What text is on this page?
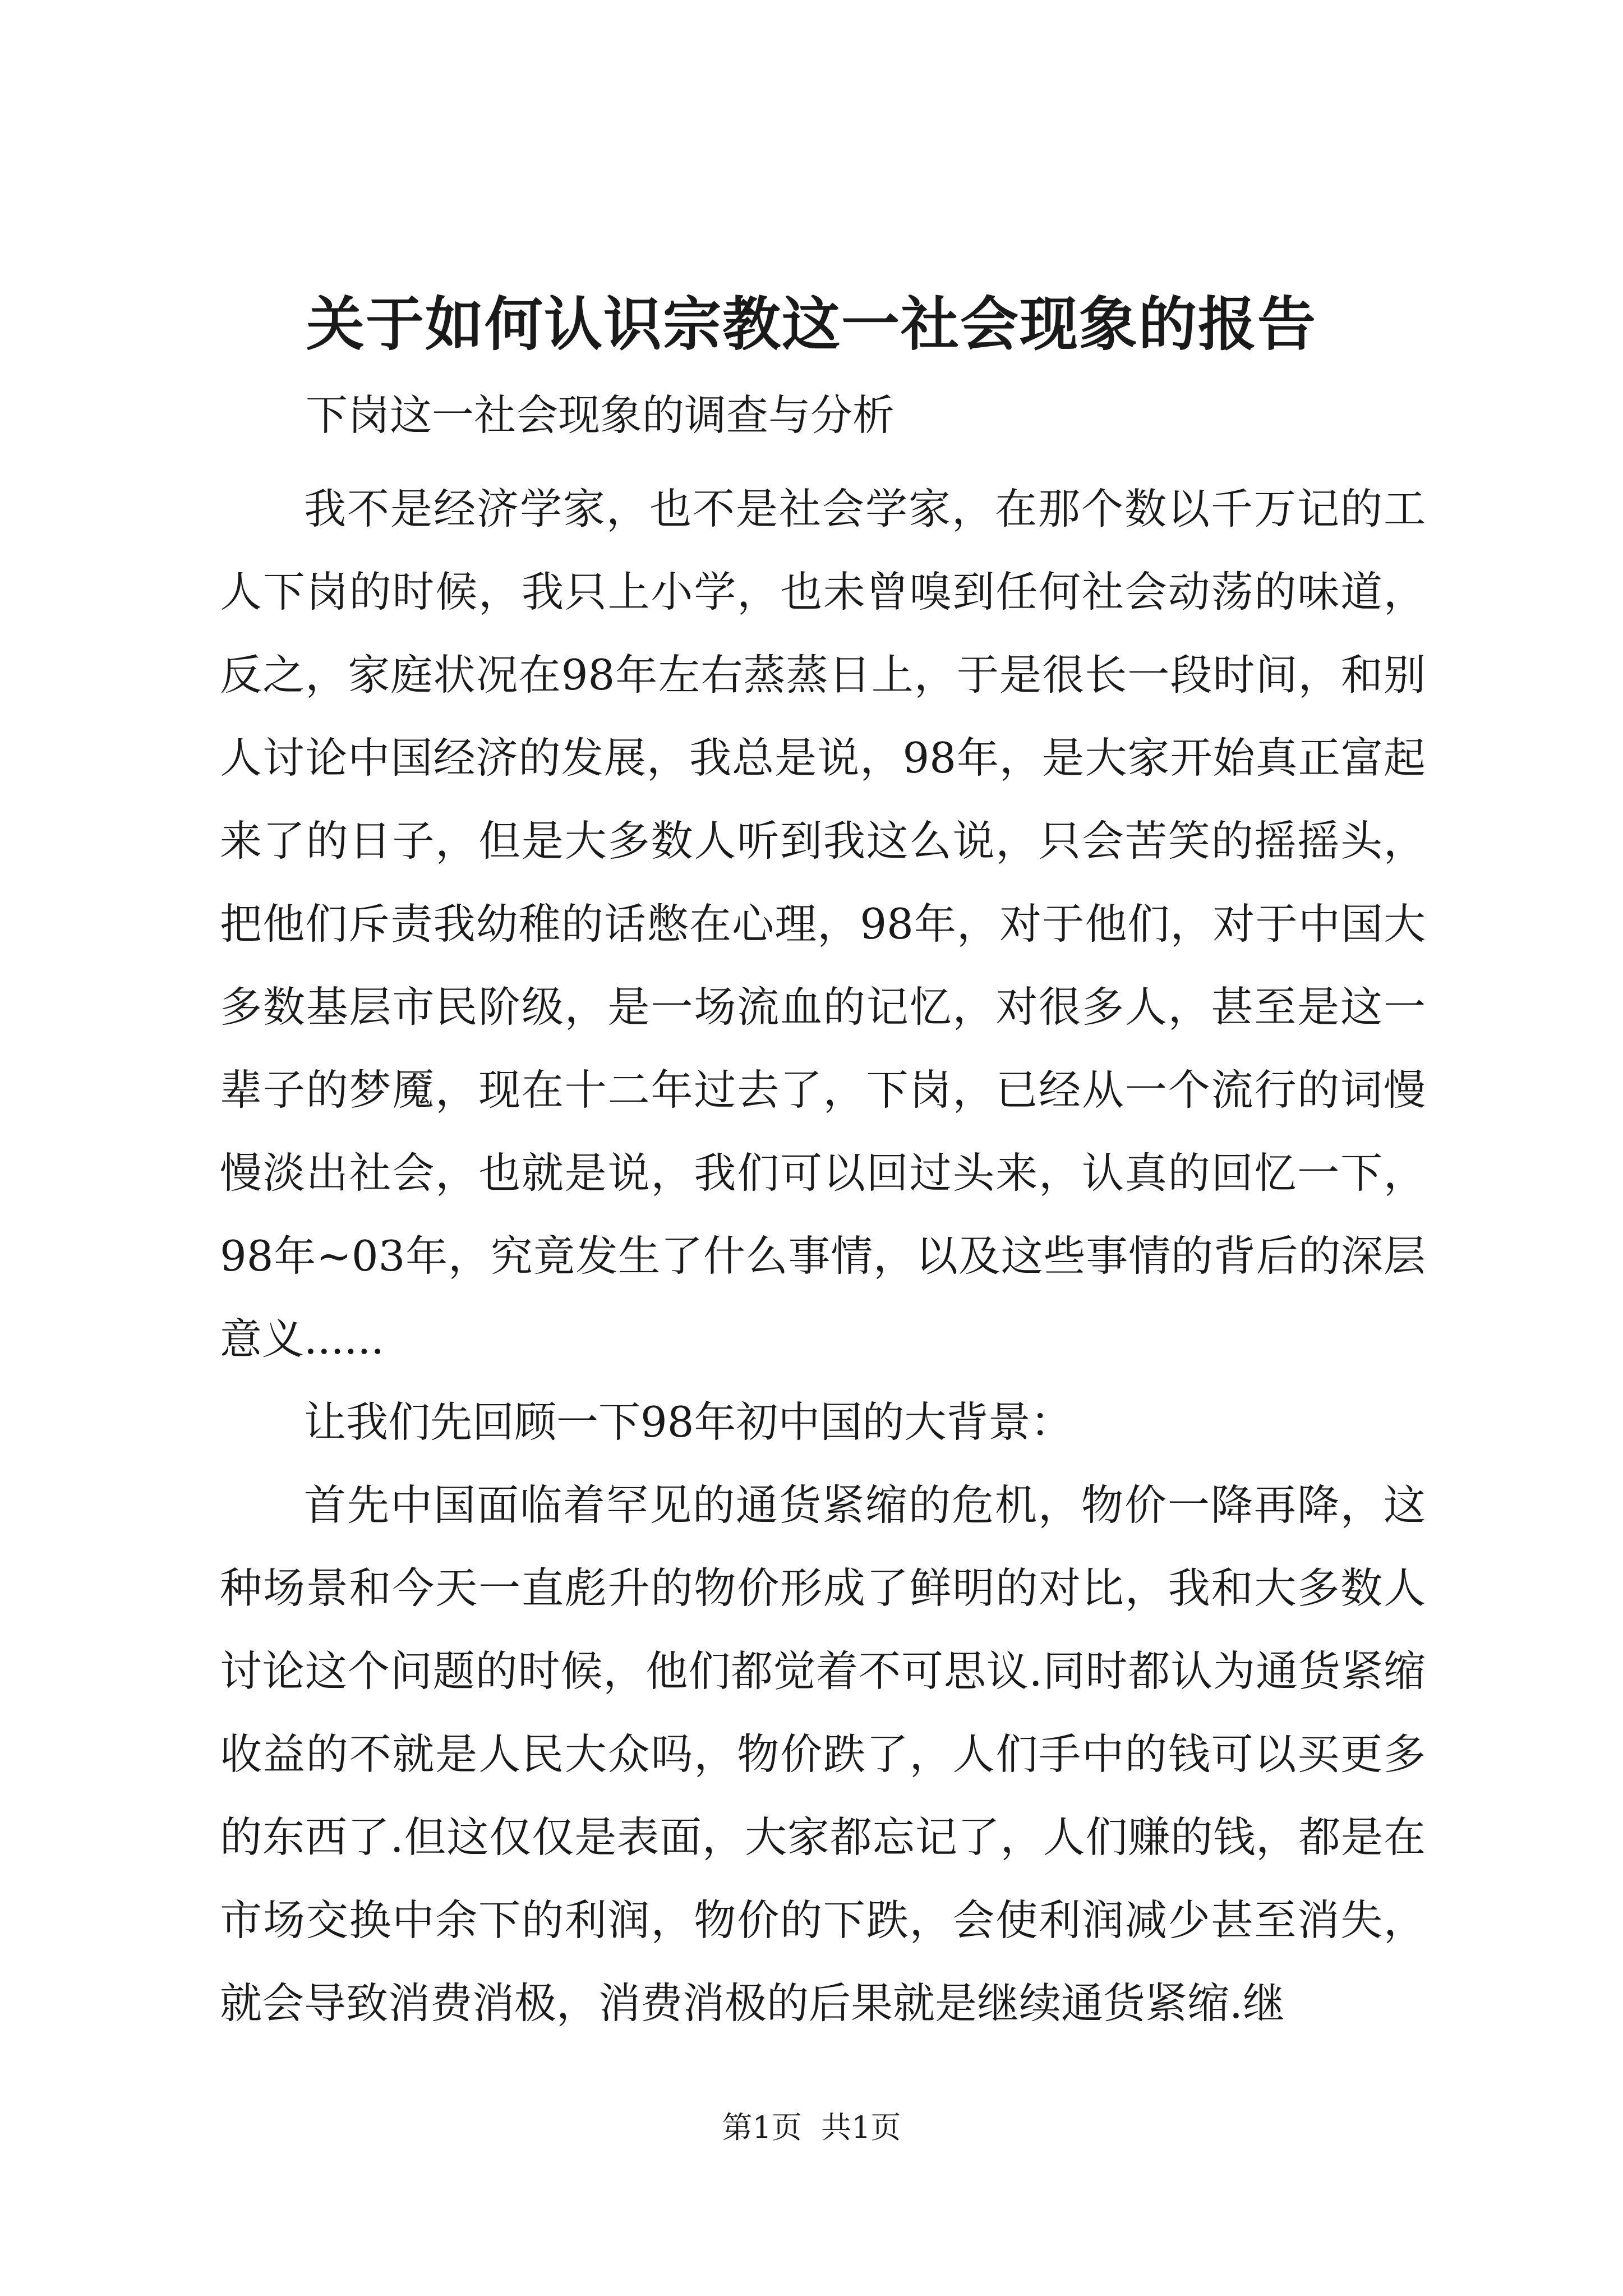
关于如何认识宗教这一社会现象的报告
下岗这一社会现象的调查与分析

我不是经济学家，也不是社会学家，在那个数以千万记的工人下岗的时候，我只上小学，也未曾嗅到任何社会动荡的味道，反之，家庭状况在98年左右蒸蒸日上，于是很长一段时间，和别人讨论中国经济的发展，我总是说，98年，是大家开始真正富起来了的日子，但是大多数人听到我这么说，只会苦笑的摇摇头，把他们斥责我幼稚的话憋在心理，98年，对于他们，对于中国大多数基层市民阶级，是一场流血的记忆，对很多人，甚至是这一辈子的梦魇，现在十二年过去了，下岗，已经从一个流行的词慢慢淡出社会，也就是说，我们可以回过头来，认真的回忆一下，98年~03年，究竟发生了什么事情，以及这些事情的背后的深层意义......

让我们先回顾一下98年初中国的大背景：

首先中国面临着罕见的通货紧缩的危机，物价一降再降，这种场景和今天一直彪升的物价形成了鲜明的对比，我和大多数人讨论这个问题的时候，他们都觉着不可思议.同时都认为通货紧缩收益的不就是人民大众吗，物价跌了，人们手中的钱可以买更多的东西了.但这仅仅是表面，大家都忘记了，人们赚的钱，都是在市场交换中余下的利润，物价的下跌，会使利润减少甚至消失，就会导致消费消极，消费消极的后果就是继续通货紧缩.继

第1页  共1页
